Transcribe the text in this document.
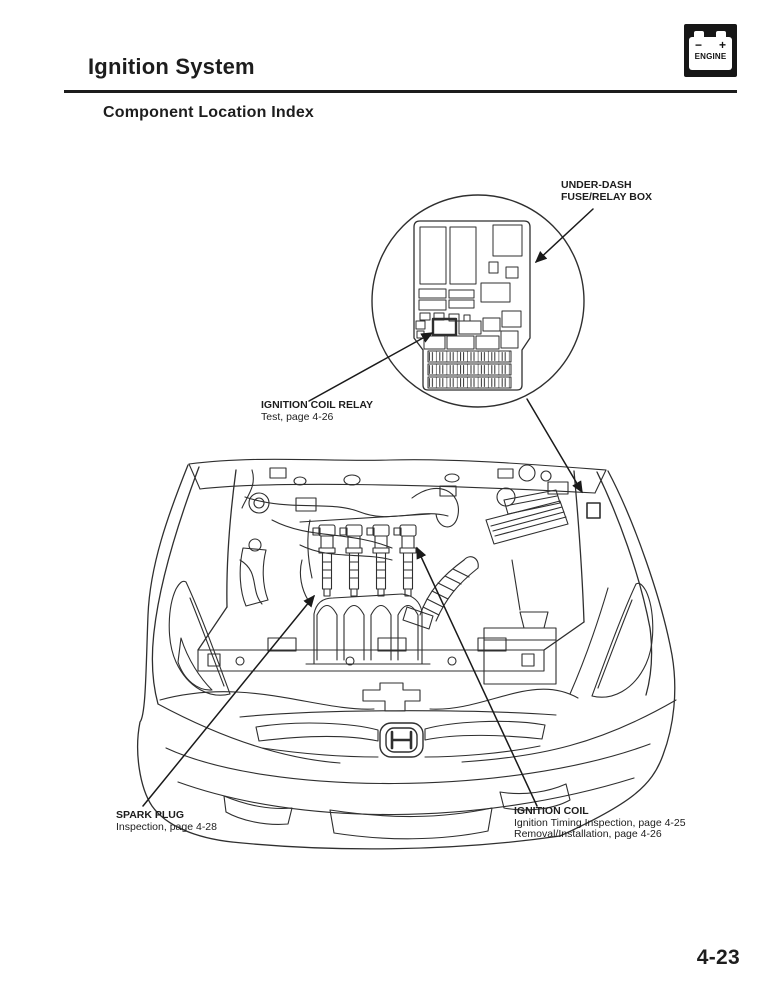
Ignition System
Component Location Index
− +
ENGINE
UNDER-DASH
FUSE/RELAY BOX
IGNITION COIL RELAY
Test, page 4-26
SPARK PLUG
Inspection, page 4-28
IGNITION COIL
Ignition Timing Inspection, page 4-25
Removal/Installation, page 4-26
4-23
